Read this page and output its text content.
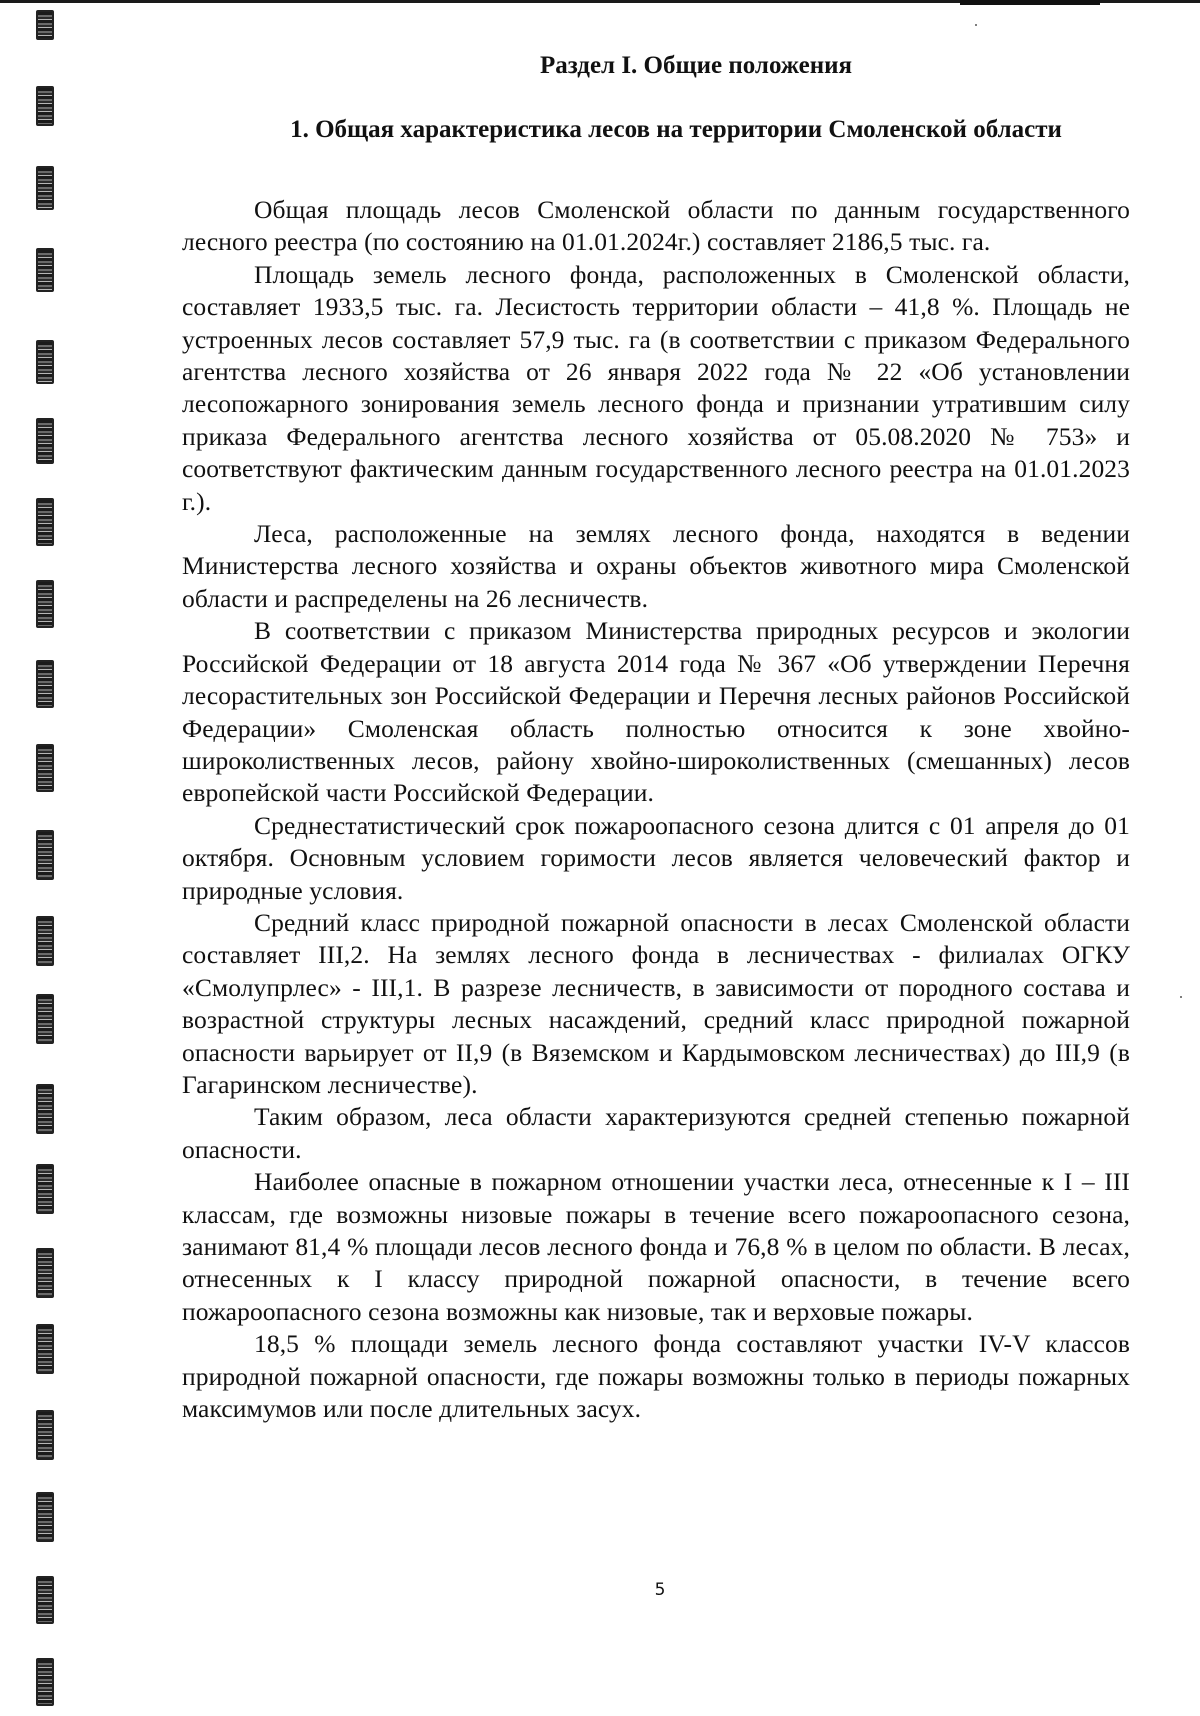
Раздел I. Общие положения
1. Общая характеристика лесов на территории Смоленской области

Общая площадь лесов Смоленской области по данным государственного лесного реестра (по состоянию на 01.01.2024г.) составляет 2186,5 тыс. га.

Площадь земель лесного фонда, расположенных в Смоленской области, составляет 1933,5 тыс. га. Лесистость территории области – 41,8 %. Площадь не устроенных лесов составляет 57,9 тыс. га (в соответствии с приказом Федерального агентства лесного хозяйства от 26 января 2022 года № 22 «Об установлении лесопожарного зонирования земель лесного фонда и признании утратившим силу приказа Федерального агентства лесного хозяйства от 05.08.2020 № 753» и соответствуют фактическим данным государственного лесного реестра на 01.01.2023 г.).

Леса, расположенные на землях лесного фонда, находятся в ведении Министерства лесного хозяйства и охраны объектов животного мира Смоленской области и распределены на 26 лесничеств.

В соответствии с приказом Министерства природных ресурсов и экологии Российской Федерации от 18 августа 2014 года № 367 «Об утверждении Перечня лесорастительных зон Российской Федерации и Перечня лесных районов Российской Федерации» Смоленская область полностью относится к зоне хвойно-широколиственных лесов, району хвойно-широколиственных (смешанных) лесов европейской части Российской Федерации.

Среднестатистический срок пожароопасного сезона длится с 01 апреля до 01 октября. Основным условием горимости лесов является человеческий фактор и природные условия.

Средний класс природной пожарной опасности в лесах Смоленской области составляет III,2. На землях лесного фонда в лесничествах - филиалах ОГКУ «Смолупрлес» - III,1. В разрезе лесничеств, в зависимости от породного состава и возрастной структуры лесных насаждений, средний класс природной пожарной опасности варьирует от II,9 (в Вяземском и Кардымовском лесничествах) до III,9 (в Гагаринском лесничестве).

Таким образом, леса области характеризуются средней степенью пожарной опасности.

Наиболее опасные в пожарном отношении участки леса, отнесенные к I – III классам, где возможны низовые пожары в течение всего пожароопасного сезона, занимают 81,4 % площади лесов лесного фонда и 76,8 % в целом по области. В лесах, отнесенных к I классу природной пожарной опасности, в течение всего пожароопасного сезона возможны как низовые, так и верховые пожары.

18,5 % площади земель лесного фонда составляют участки IV-V классов природной пожарной опасности, где пожары возможны только в периоды пожарных максимумов или после длительных засух.

5
